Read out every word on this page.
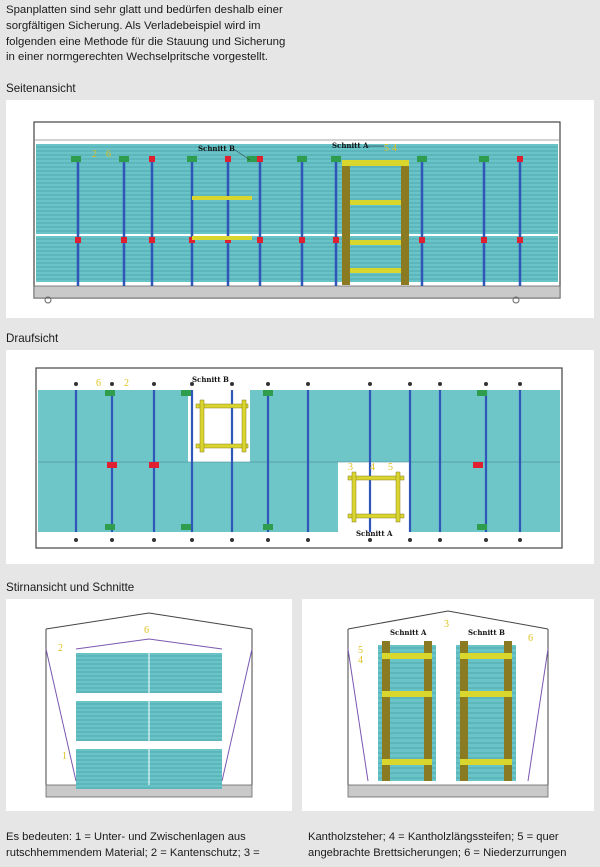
Spanplatten sind sehr glatt und bedürfen deshalb einer
sorgfältigen Sicherung. Als Verladebeispiel wird im
folgenden eine Methode für die Stauung und Sicherung
in einer normgerechten Wechselpritsche vorgestellt.
Seitenansicht
Schnitt B	Schnitt A
2 6
5 4
Draufsicht
Schnitt B
Schnitt A
6 2
3 4 5
Stirnansicht und Schnitte
2
6
1
Schnitt A
3
Schnitt B
6
5
4
Es bedeuten: 1 = Unter- und Zwischenlagen aus
rutschhemmendem Material; 2 = Kantenschutz; 3 =
Kantholzsteher; 4 = Kantholzlängssteifen; 5 = quer
angebrachte Brettsicherungen; 6 = Niederzurrungen
